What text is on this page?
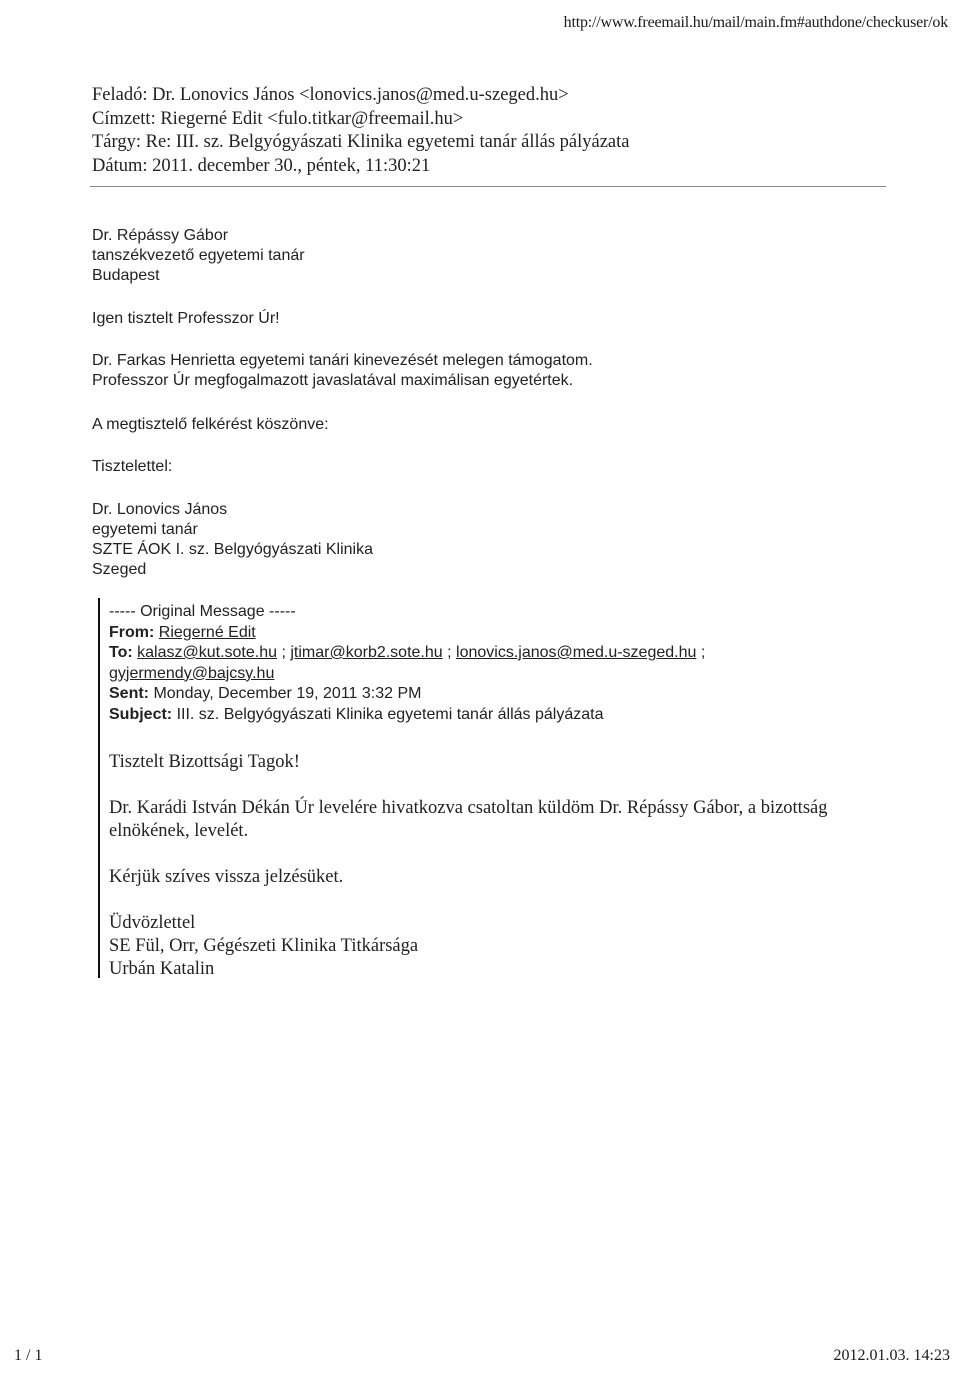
http://www.freemail.hu/mail/main.fm#authdone/checkuser/ok
Feladó: Dr. Lonovics János <lonovics.janos@med.u-szeged.hu>
Címzett: Riegerné Edit <fulo.titkar@freemail.hu>
Tárgy: Re: III. sz. Belgyógyászati Klinika egyetemi tanár állás pályázata
Dátum: 2011. december 30., péntek, 11:30:21
Dr. Répássy Gábor
tanszékvezető egyetemi tanár
Budapest
Igen tisztelt Professzor Úr!
Dr. Farkas Henrietta egyetemi tanári kinevezését melegen támogatom.
Professzor Úr megfogalmazott javaslatával maximálisan egyetértek.
A megtisztelő felkérést köszönve:
Tisztelettel:
Dr. Lonovics János
egyetemi tanár
SZTE ÁOK I. sz. Belgyógyászati Klinika
Szeged
----- Original Message -----
From: Riegerné Edit
To: kalasz@kut.sote.hu ; jtimar@korb2.sote.hu ; lonovics.janos@med.u-szeged.hu ;
gyjermendy@bajcsy.hu
Sent: Monday, December 19, 2011 3:32 PM
Subject: III. sz. Belgyógyászati Klinika egyetemi tanár állás pályázata
Tisztelt Bizottsági Tagok!
Dr. Karádi István Dékán Úr levelére hivatkozva csatoltan küldöm Dr. Répássy Gábor, a bizottság
elnökének, levelét.
Kérjük szíves vissza jelzésüket.
Üdvözlettel
SE Fül, Orr, Gégészeti Klinika Titkársága
Urbán Katalin
1 / 1	2012.01.03. 14:23
